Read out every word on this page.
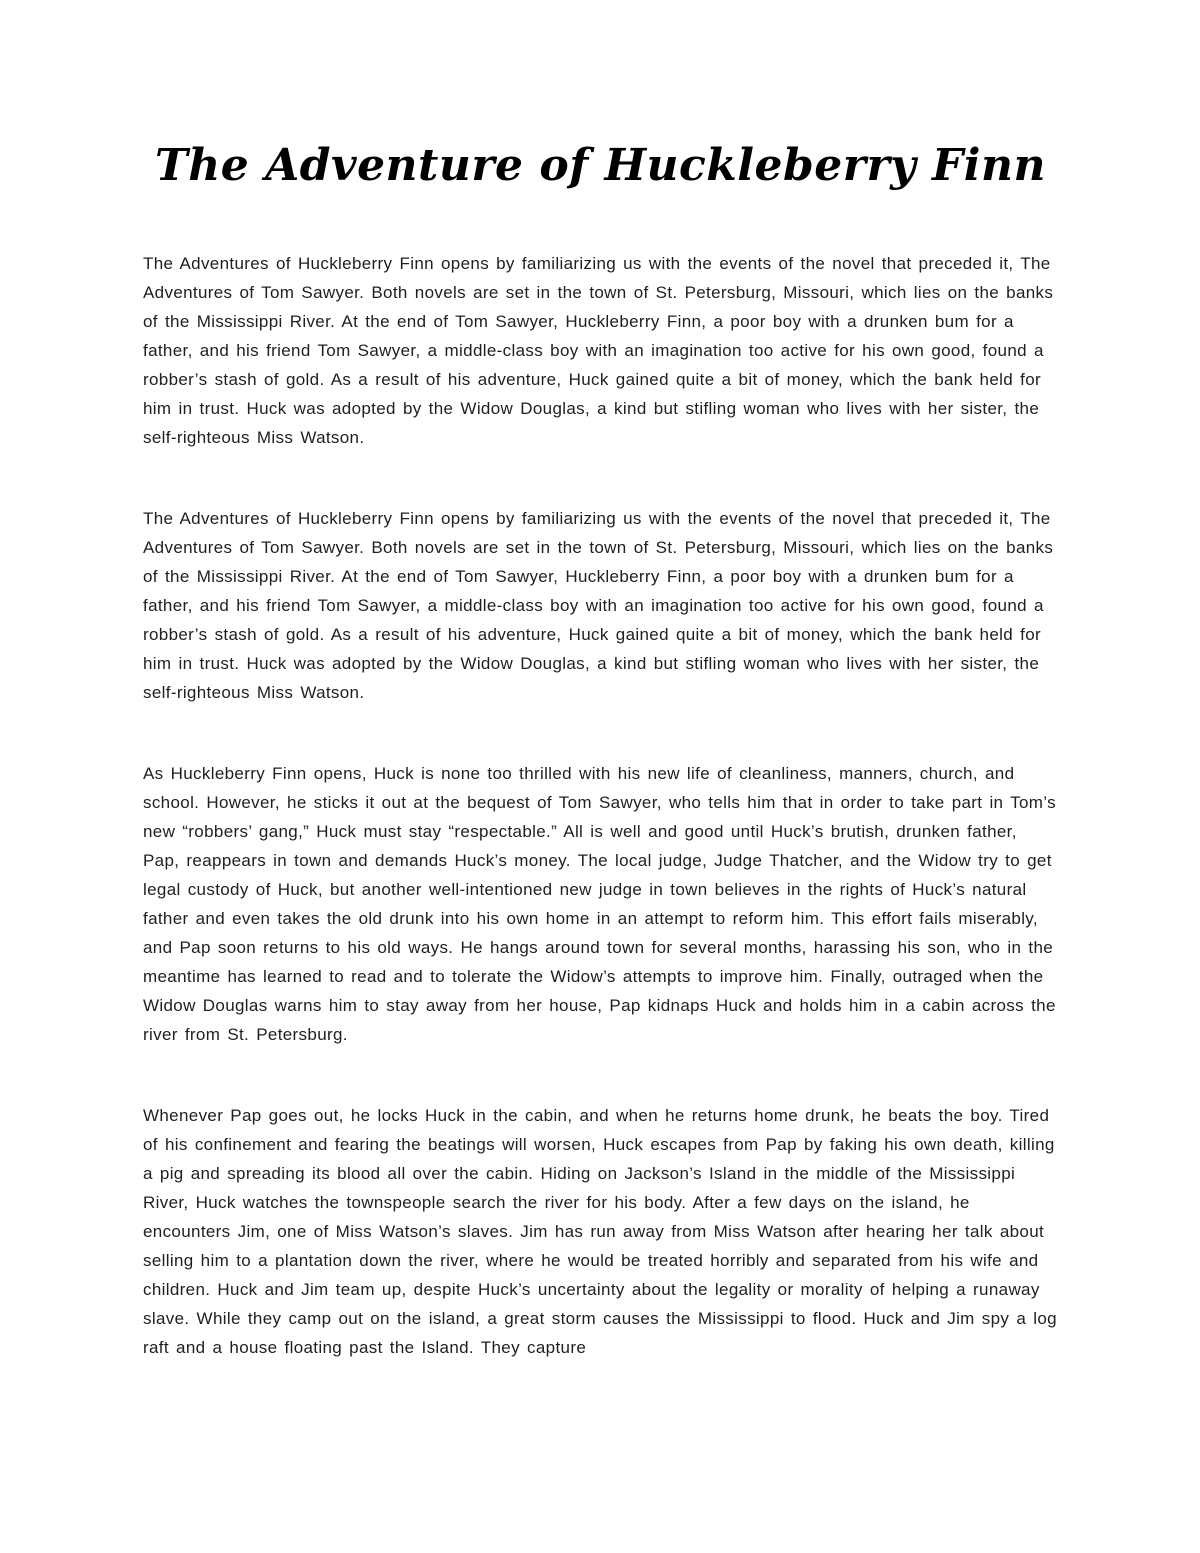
The Adventure of Huckleberry Finn

The Adventures of Huckleberry Finn opens by familiarizing us with the events of the novel that preceded it, The Adventures of Tom Sawyer. Both novels are set in the town of St. Petersburg, Missouri, which lies on the banks of the Mississippi River. At the end of Tom Sawyer, Huckleberry Finn, a poor boy with a drunken bum for a father, and his friend Tom Sawyer, a middle-class boy with an imagination too active for his own good, found a robber’s stash of gold. As a result of his adventure, Huck gained quite a bit of money, which the bank held for him in trust. Huck was adopted by the Widow Douglas, a kind but stifling woman who lives with her sister, the self-righteous Miss Watson.

The Adventures of Huckleberry Finn opens by familiarizing us with the events of the novel that preceded it, The Adventures of Tom Sawyer. Both novels are set in the town of St. Petersburg, Missouri, which lies on the banks of the Mississippi River. At the end of Tom Sawyer, Huckleberry Finn, a poor boy with a drunken bum for a father, and his friend Tom Sawyer, a middle-class boy with an imagination too active for his own good, found a robber’s stash of gold. As a result of his adventure, Huck gained quite a bit of money, which the bank held for him in trust. Huck was adopted by the Widow Douglas, a kind but stifling woman who lives with her sister, the self-righteous Miss Watson.

As Huckleberry Finn opens, Huck is none too thrilled with his new life of cleanliness, manners, church, and school. However, he sticks it out at the bequest of Tom Sawyer, who tells him that in order to take part in Tom’s new “robbers’ gang,” Huck must stay “respectable.” All is well and good until Huck’s brutish, drunken father, Pap, reappears in town and demands Huck’s money. The local judge, Judge Thatcher, and the Widow try to get legal custody of Huck, but another well-intentioned new judge in town believes in the rights of Huck’s natural father and even takes the old drunk into his own home in an attempt to reform him. This effort fails miserably, and Pap soon returns to his old ways. He hangs around town for several months, harassing his son, who in the meantime has learned to read and to tolerate the Widow’s attempts to improve him. Finally, outraged when the Widow Douglas warns him to stay away from her house, Pap kidnaps Huck and holds him in a cabin across the river from St. Petersburg.

Whenever Pap goes out, he locks Huck in the cabin, and when he returns home drunk, he beats the boy. Tired of his confinement and fearing the beatings will worsen, Huck escapes from Pap by faking his own death, killing a pig and spreading its blood all over the cabin. Hiding on Jackson’s Island in the middle of the Mississippi River, Huck watches the townspeople search the river for his body. After a few days on the island, he encounters Jim, one of Miss Watson’s slaves. Jim has run away from Miss Watson after hearing her talk about selling him to a plantation down the river, where he would be treated horribly and separated from his wife and children. Huck and Jim team up, despite Huck’s uncertainty about the legality or morality of helping a runaway slave. While they camp out on the island, a great storm causes the Mississippi to flood. Huck and Jim spy a log raft and a house floating past the Island. They capture
